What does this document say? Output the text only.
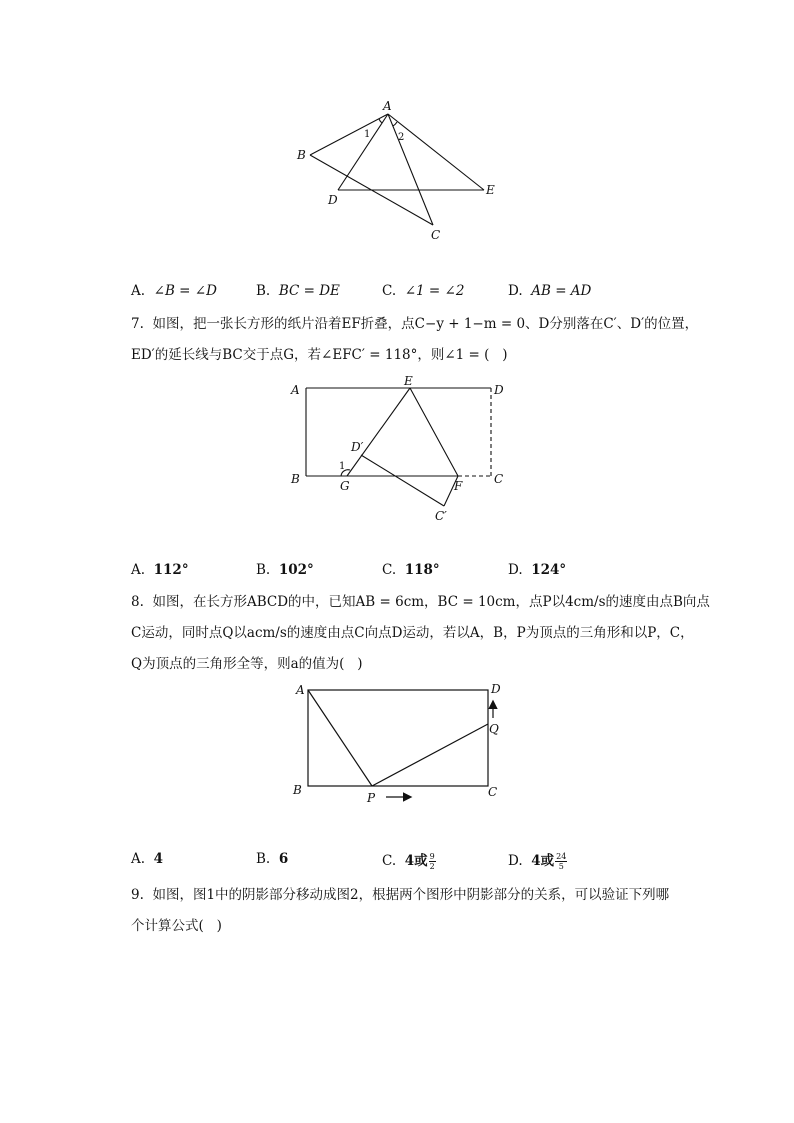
A
B
D
E
C
1	2
A. ∠B = ∠D	B. BC = DE	C. ∠1 = ∠2	D. AB = AD

7.  如图，把一张长方形的纸片沿着EF折叠，点C−y + 1−m = 0、D分别落在C′、D′的位置，

ED′的延长线与BC交于点G，若∠EFC′ = 118°，则∠1 = (   )

A	D
E
B	G	F	C
D′
C′
1
A. 112°	B. 102°	C. 118°	D. 124°

8.  如图，在长方形ABCD的中，已知AB = 6cm，BC = 10cm，点P以4cm/s的速度由点B向点

C运动，同时点Q以acm/s的速度由点C向点D运动，若以A，B，P为顶点的三角形和以P，C，

Q为顶点的三角形全等，则a的值为(   )

A	D
Q
B
P	C
A. 4	B. 6	C. 4或 $\frac{9}{2}$	D. 4或 $\frac{24}{5}$

9.  如图，图1中的阴影部分移动成图2，根据两个图形中阴影部分的关系，可以验证下列哪

个计算公式(   )
